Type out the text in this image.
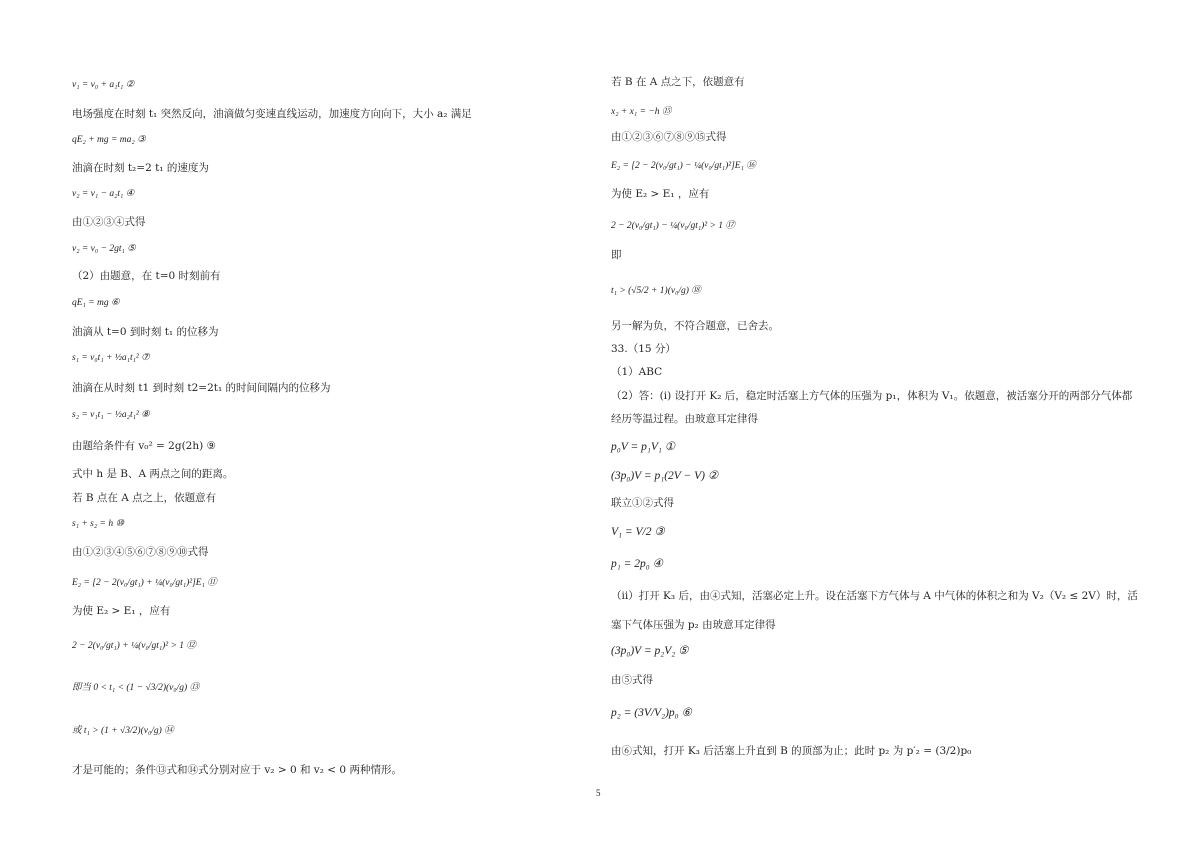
v₁ = v₀ + a₁t₁ ②
电场强度在时刻 t₁ 突然反向，油滴做匀变速直线运动，加速度方向向下，大小 a₂ 满足
qE₂ + mg = ma₂ ③
油滴在时刻 t₂=2 t₁ 的速度为
v₂ = v₁ − a₂t₁ ④
由①②③④式得
v₂ = v₀ − 2gt₁ ⑤
（2）由题意，在 t=0 时刻前有
qE₁ = mg ⑥
油滴从 t=0 到时刻 t₁ 的位移为
s₁ = v₀t₁ + ½a₁t₁² ⑦
油滴在从时刻 t1 到时刻 t2=2t₁ 的时间间隔内的位移为
s₂ = v₁t₁ − ½a₂t₁² ⑧
由题给条件有 v₀² = 2g(2h) ⑨
式中 h 是 B、A 两点之间的距离。
若 B 点在 A 点之上，依题意有
s₁ + s₂ = h ⑩
由①②③④⑤⑥⑦⑧⑨⑩式得
E₂ = [2 − 2(v₀/gt₁) + ¼(v₀/gt₁)²]E₁ ⑪
为使 E₂ > E₁ ，应有
2 − 2(v₀/gt₁) + ¼(v₀/gt₁)² > 1 ⑫
即当 0 < t₁ < (1 − √3/2)(v₀/g) ⑬
或 t₁ > (1 + √3/2)(v₀/g) ⑭
才是可能的；条件⑬式和⑭式分别对应于 v₂ > 0 和 v₂ < 0 两种情形。
若 B 在 A 点之下，依题意有
x₂ + x₁ = −h ⑮
由①②③⑥⑦⑧⑨⑮式得
E₂ = [2 − 2(v₀/gt₁) − ¼(v₀/gt₁)²]E₁ ⑯
为使 E₂ > E₁ ，应有
2 − 2(v₀/gt₁) − ¼(v₀/gt₁)² > 1 ⑰
即
t₁ > (√5/2 + 1)(v₀/g) ⑱
另一解为负，不符合题意，已舍去。
33.（15 分）
（1）ABC
（2）答：(i) 设打开 K₂ 后，稳定时活塞上方气体的压强为 p₁，体积为 V₁。依题意，被活塞分开的两部分气体都
经历等温过程。由玻意耳定律得
p₀V = p₁V₁ ①
(3p₀)V = p₁(2V − V) ②
联立①②式得
V₁ = V/2 ③
p₁ = 2p₀ ④
（ii）打开 K₃ 后，由④式知，活塞必定上升。设在活塞下方气体与 A 中气体的体积之和为 V₂（V₂ ≤ 2V）时，活
塞下气体压强为 p₂ 由玻意耳定律得
(3p₀)V = p₂V₂ ⑤
由⑤式得
p₂ = (3V/V₂)p₀ ⑥
由⑥式知，打开 K₃ 后活塞上升直到 B 的顶部为止；此时 p₂ 为 p′₂ = (3/2)p₀
5
